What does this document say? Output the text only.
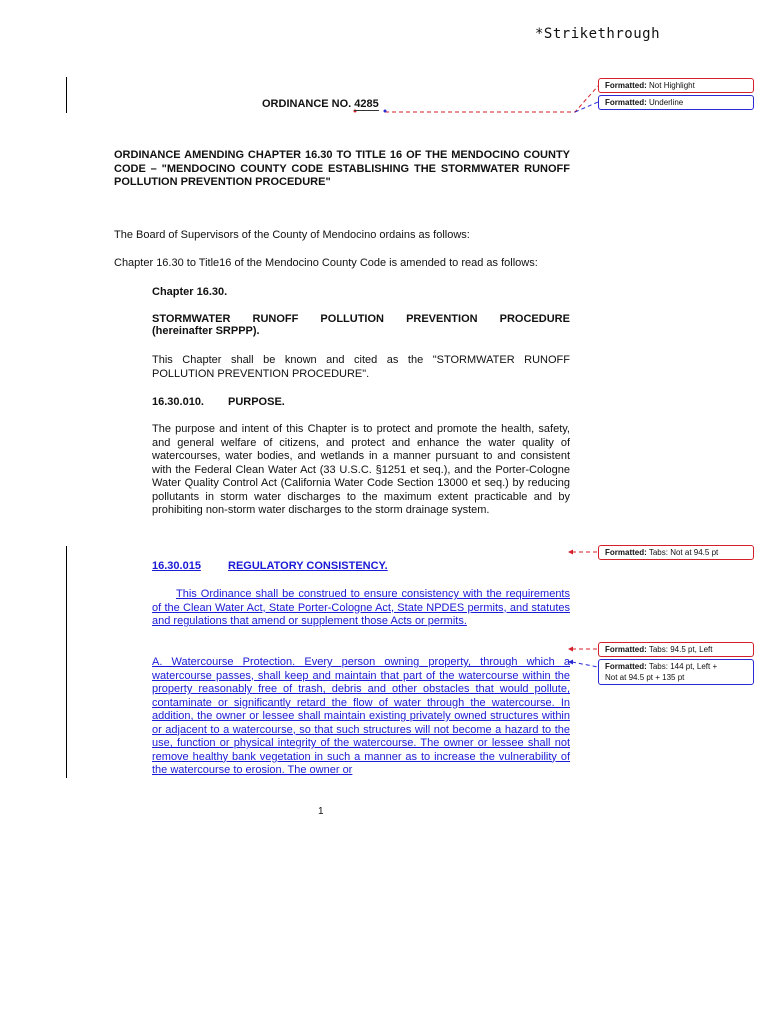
*Strikethrough
Formatted: Not Highlight
Formatted: Underline
Formatted: Tabs: Not at 94.5 pt
Formatted: Tabs: 94.5 pt, Left
Formatted: Tabs: 144 pt, Left +
Not at 94.5 pt + 135 pt
ORDINANCE NO. 4285
ORDINANCE AMENDING CHAPTER 16.30 TO TITLE 16 OF THE MENDOCINO COUNTY CODE – "MENDOCINO COUNTY CODE ESTABLISHING THE STORMWATER RUNOFF POLLUTION PREVENTION PROCEDURE"
The Board of Supervisors of the County of Mendocino ordains as follows:
Chapter 16.30 to Title16 of the Mendocino County Code is amended to read as follows:
Chapter 16.30.
STORMWATER RUNOFF POLLUTION PREVENTION PROCEDURE
(hereinafter SRPPP).
This Chapter shall be known and cited as the "STORMWATER RUNOFF POLLUTION PREVENTION PROCEDURE".
16.30.010.	PURPOSE.
The purpose and intent of this Chapter is to protect and promote the health, safety, and general welfare of citizens, and protect and enhance the water quality of watercourses, water bodies, and wetlands in a manner pursuant to and consistent with the Federal Clean Water Act (33 U.S.C. §1251 et seq.), and the Porter-Cologne Water Quality Control Act (California Water Code Section 13000 et seq.) by reducing pollutants in storm water discharges to the maximum extent practicable and by prohibiting non-storm water discharges to the storm drainage system.
16.30.015	REGULATORY CONSISTENCY.
This Ordinance shall be construed to ensure consistency with the requirements of the Clean Water Act, State Porter-Cologne Act, State NPDES permits, and statutes and regulations that amend or supplement those Acts or permits.
A. Watercourse Protection. Every person owning property, through which a watercourse passes, shall keep and maintain that part of the watercourse within the property reasonably free of trash, debris and other obstacles that would pollute, contaminate or significantly retard the flow of water through the watercourse. In addition, the owner or lessee shall maintain existing privately owned structures within or adjacent to a watercourse, so that such structures will not become a hazard to the use, function or physical integrity of the watercourse. The owner or lessee shall not remove healthy bank vegetation in such a manner as to increase the vulnerability of the watercourse to erosion. The owner or
1
